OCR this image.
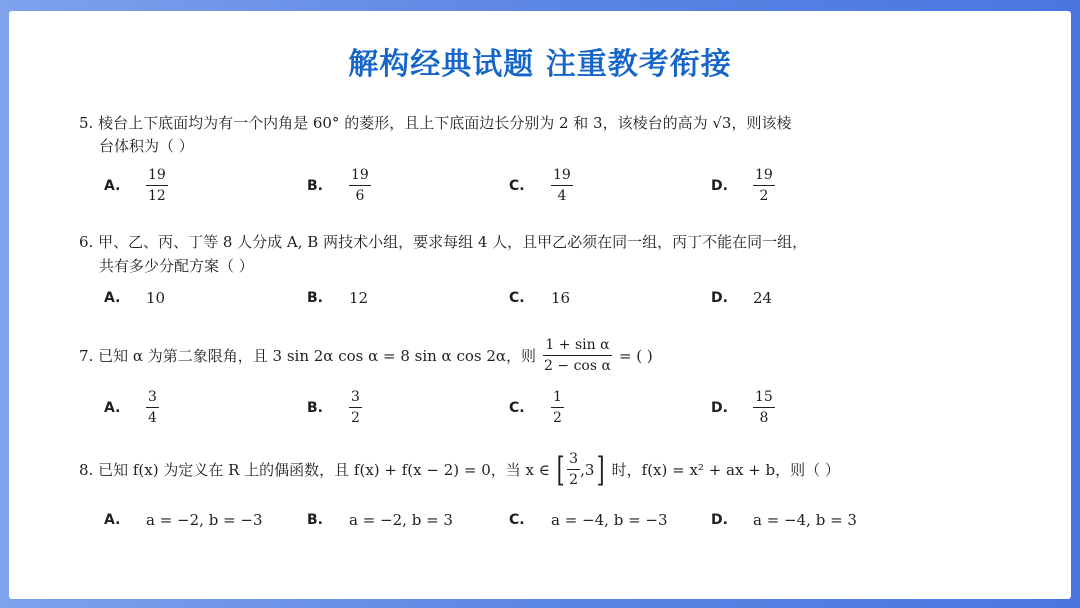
解构经典试题 注重教考衔接
5. 棱台上下底面均为有一个内角是 60° 的菱形，且上下底面边长分别为 2 和 3，该棱台的高为 √3，则该棱
台体积为（ ）
A.	$\frac{19}{12}$	B.	$\frac{19}{6}$	C.	$\frac{19}{4}$	D.	$\frac{19}{2}$
6. 甲、乙、丙、丁等 8 人分成 A, B 两技术小组，要求每组 4 人，且甲乙必须在同一组，丙丁不能在同一组，
共有多少分配方案（ ）
A.	10	B.	12	C.	16	D.	24
7. 已知 α 为第二象限角，且 3 sin 2α cos α = 8 sin α cos 2α，则 $\frac{\text{1 + sin α}}{\text{2 − cos α}}$ = ( )
A.	$\frac{3}{4}$	B.	$\frac{3}{2}$	C.	$\frac{1}{2}$	D.	$\frac{15}{8}$
8. 已知 f(x) 为定义在 R 上的偶函数，且 f(x) + f(x − 2) = 0，当 x ∈ [ $\frac{3}{2} ,3$ ] 时，f(x) = x² + ax + b，则（ ）
A.	a = −2, b = −3	B.	a = −2, b = 3	C.	a = −4, b = −3	D.	a = −4, b = 3
